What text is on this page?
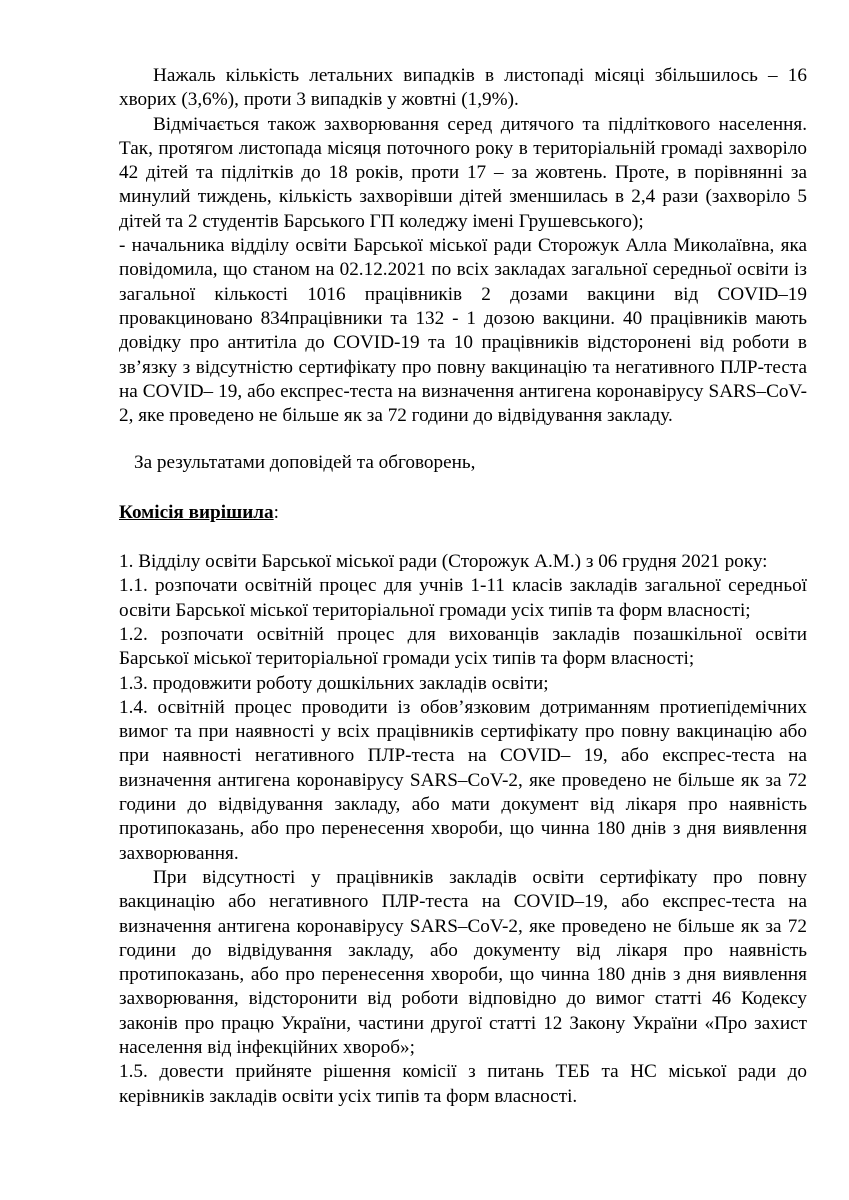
Нажаль кількість летальних випадків в листопаді місяці збільшилось – 16 хворих (3,6%), проти 3 випадків у жовтні (1,9%).

Відмічається також захворювання серед дитячого та підліткового населення. Так, протягом листопада місяця поточного року в територіальній громаді захворіло 42 дітей та підлітків до 18 років, проти 17 – за жовтень. Проте, в порівнянні за минулий тиждень, кількість захворівши дітей зменшилась в 2,4 рази (захворіло 5 дітей та 2 студентів Барського ГП коледжу імені Грушевського);

- начальника відділу освіти Барської міської ради Сторожук Алла Миколаївна, яка повідомила, що станом на 02.12.2021 по всіх закладах загальної середньої освіти із загальної кількості 1016 працівників 2 дозами вакцини від COVID–19 провакциновано 834працівники та 132 - 1 дозою вакцини. 40 працівників мають довідку про антитіла до COVID-19 та 10 працівників відсторонені від роботи в зв’язку з відсутністю сертифікату про повну вакцинацію та негативного ПЛР-теста на COVID– 19, або експрес-теста на визначення антигена коронавірусу SARS–CoV-2, яке проведено не більше як за 72 години до відвідування закладу.

За результатами доповідей та обговорень,

Комісія вирішила:

1. Відділу освіти Барської міської ради (Сторожук А.М.) з 06 грудня 2021 року:

1.1. розпочати освітній процес для учнів 1-11 класів закладів загальної середньої освіти Барської міської територіальної громади усіх типів та форм власності;

1.2. розпочати освітній процес для вихованців закладів позашкільної освіти Барської міської територіальної громади усіх типів та форм власності;

1.3. продовжити роботу дошкільних закладів освіти;

1.4. освітній процес проводити із обов’язковим дотриманням протиепідемічних вимог та при наявності у всіх працівників сертифікату про повну вакцинацію або при наявності негативного ПЛР-теста на COVID– 19, або експрес-теста на визначення антигена коронавірусу SARS–CoV-2, яке проведено не більше як за 72 години до відвідування закладу, або мати документ від лікаря про наявність протипоказань, або про перенесення хвороби, що чинна 180 днів з дня виявлення захворювання.

При відсутності у працівників закладів освіти сертифікату про повну вакцинацію або негативного ПЛР-теста на COVID–19, або експрес-теста на визначення антигена коронавірусу SARS–CoV-2, яке проведено не більше як за 72 години до відвідування закладу, або документу від лікаря про наявність протипоказань, або про перенесення хвороби, що чинна 180 днів з дня виявлення захворювання, відсторонити від роботи відповідно до вимог статті 46 Кодексу законів про працю України, частини другої статті 12 Закону України «Про захист населення від інфекційних хвороб»;

1.5. довести прийняте рішення комісії з питань ТЕБ та НС міської ради до керівників закладів освіти усіх типів та форм власності.
